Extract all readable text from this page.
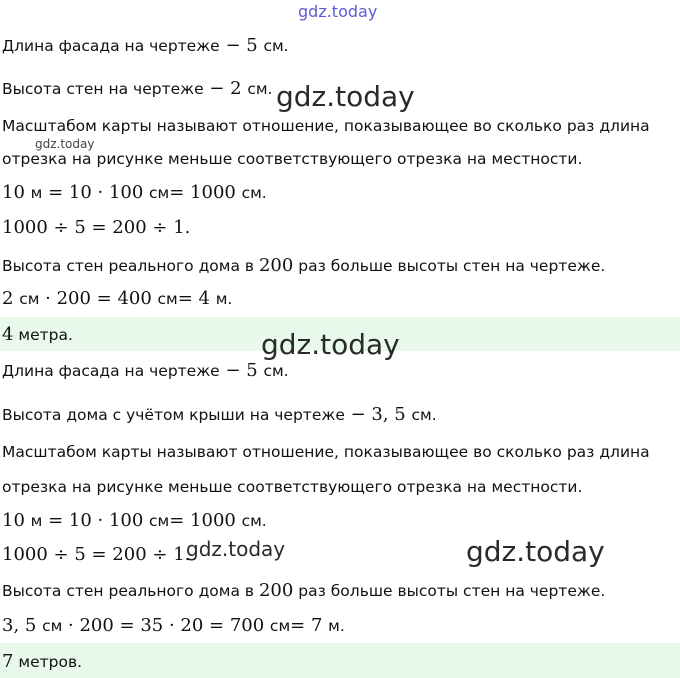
gdz.today
Длина фасада на чертеже − 5 см.
Высота стен на чертеже − 2 см.
Масштабом карты называют отношение, показывающее во сколько раз длина
отрезка на рисунке меньше соответствующего отрезка на местности.
10 м = 10 · 100 см= 1000 см.
1000 ÷ 5 = 200 ÷ 1.
Высота стен реального дома в 200 раз больше высоты стен на чертеже.
2 см · 200 = 400 см= 4 м.
4 метра.
Длина фасада на чертеже − 5 см.
Высота дома с учётом крыши на чертеже − 3, 5 см.
Масштабом карты называют отношение, показывающее во сколько раз длина
отрезка на рисунке меньше соответствующего отрезка на местности.
10 м = 10 · 100 см= 1000 см.
1000 ÷ 5 = 200 ÷ 1.
Высота стен реального дома в 200 раз больше высоты стен на чертеже.
3, 5 см · 200 = 35 · 20 = 700 см= 7 м.
7 метров.
gdz.today
gdz.today
gdz.today
gdz.today	gdz.today
